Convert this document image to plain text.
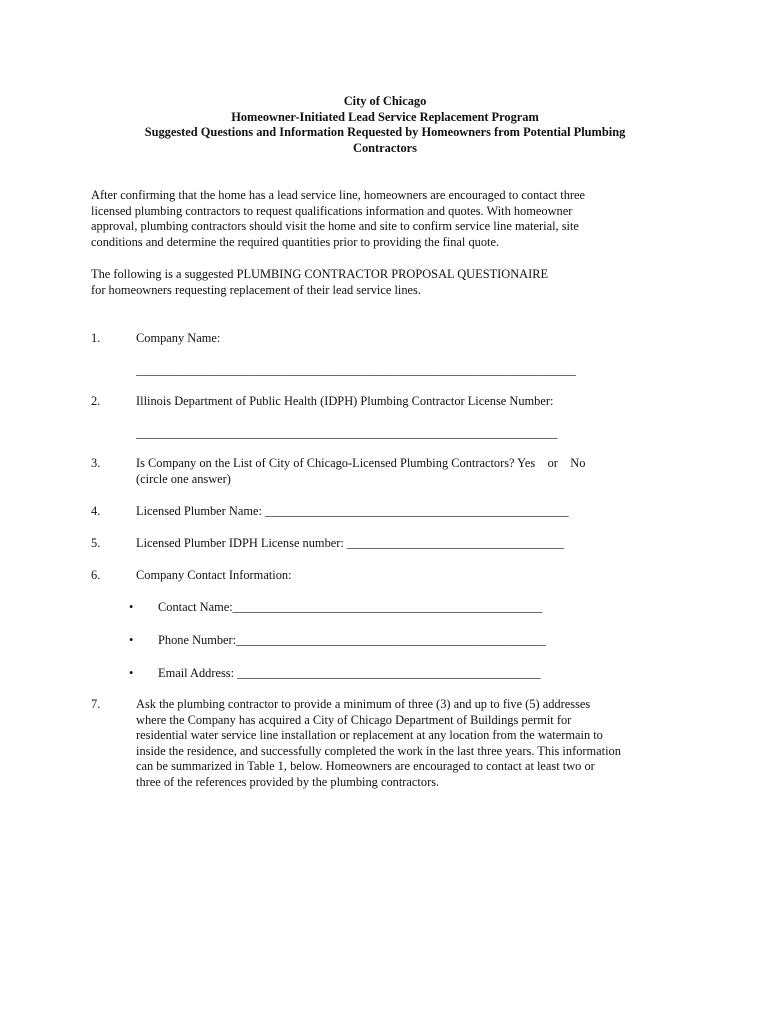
City of Chicago
Homeowner-Initiated Lead Service Replacement Program
Suggested Questions and Information Requested by Homeowners from Potential Plumbing
Contractors
After confirming that the home has a lead service line, homeowners are encouraged to contact three
licensed plumbing contractors to request qualifications information and quotes. With homeowner
approval, plumbing contractors should visit the home and site to confirm service line material, site
conditions and determine the required quantities prior to providing the final quote.
The following is a suggested PLUMBING CONTRACTOR PROPOSAL QUESTIONAIRE
for homeowners requesting replacement of their lead service lines.
1.	Company Name:
_______________________________________________________________________
2.	Illinois Department of Public Health (IDPH) Plumbing Contractor License Number:
____________________________________________________________________
3.	Is Company on the List of City of Chicago-Licensed Plumbing Contractors? Yes    or    No
(circle one answer)
4.	Licensed Plumber Name: _________________________________________________
5.	Licensed Plumber IDPH License number: ___________________________________
6.	Company Contact Information:
• Contact Name:__________________________________________________
• Phone Number:__________________________________________________
• Email Address: _________________________________________________
7.	Ask the plumbing contractor to provide a minimum of three (3) and up to five (5) addresses
where the Company has acquired a City of Chicago Department of Buildings permit for
residential water service line installation or replacement at any location from the watermain to
inside the residence, and successfully completed the work in the last three years. This information
can be summarized in Table 1, below. Homeowners are encouraged to contact at least two or
three of the references provided by the plumbing contractors.
